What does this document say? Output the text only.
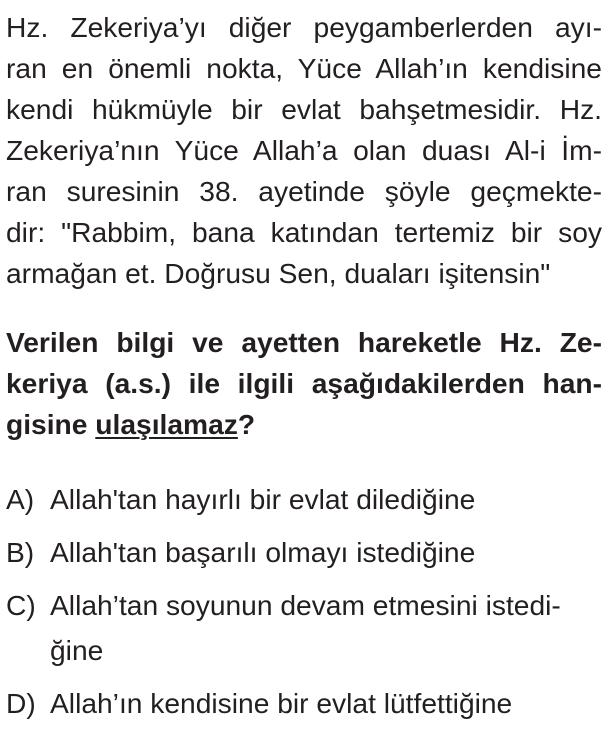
Hz. Zekeriya’yı diğer peygamberlerden ayı-
ran en önemli nokta, Yüce Allah’ın kendisine
kendi hükmüyle bir evlat bahşetmesidir. Hz.
Zekeriya’nın Yüce Allah’a olan duası Al-i İm-
ran suresinin 38. ayetinde şöyle geçmekte-
dir: "Rabbim, bana katından tertemiz bir soy
armağan et. Doğrusu Sen, duaları işitensin"
Verilen bilgi ve ayetten hareketle Hz. Ze-
keriya (a.s.) ile ilgili aşağıdakilerden han-
gisine ulaşılamaz?
A) Allah'tan hayırlı bir evlat dilediğine
B) Allah'tan başarılı olmayı istediğine
C) Allah’tan soyunun devam etmesini istedi-
ğine
D) Allah’ın kendisine bir evlat lütfettiğine
